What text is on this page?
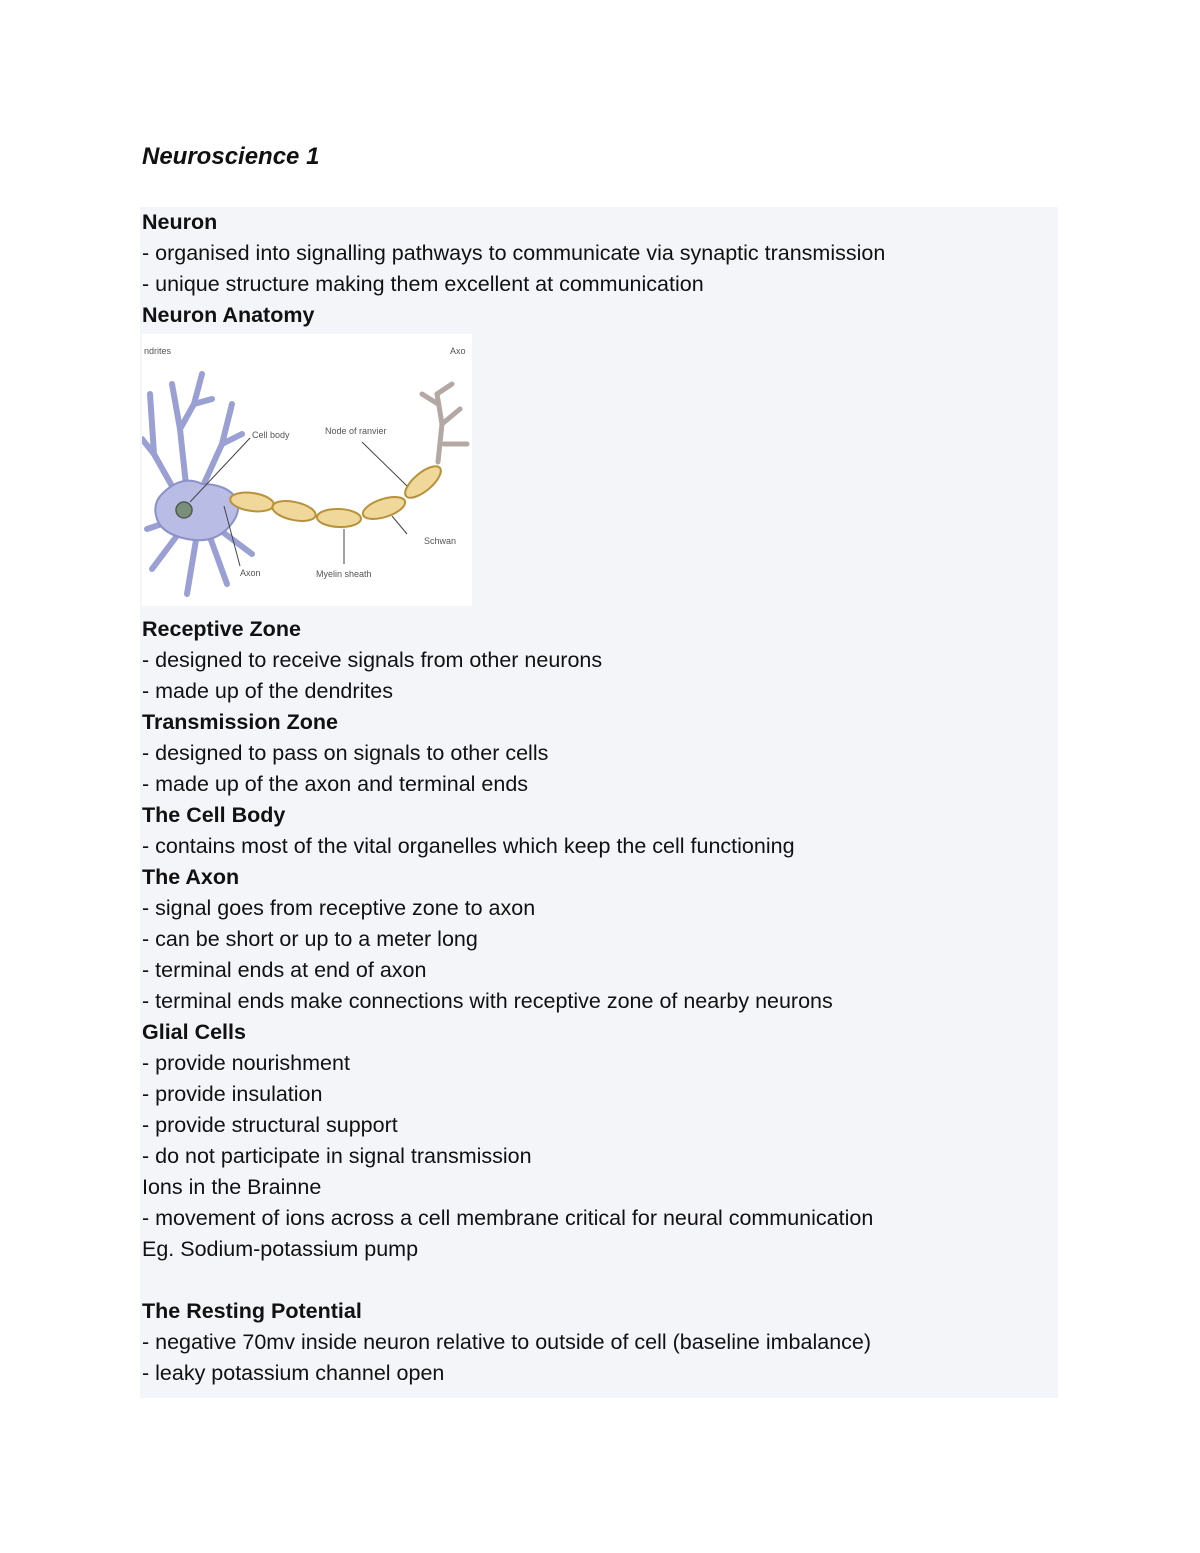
Neuroscience 1
Neuron
- organised into signalling pathways to communicate via synaptic transmission
- unique structure making them excellent at communication
Neuron Anatomy
ndrites	Axo
Cell body	Node of ranvier
Schwan
Axon	Myelin sheath
Receptive Zone
- designed to receive signals from other neurons
- made up of the dendrites
Transmission Zone
- designed to pass on signals to other cells
- made up of the axon and terminal ends
The Cell Body
- contains most of the vital organelles which keep the cell functioning
The Axon
- signal goes from receptive zone to axon
- can be short or up to a meter long
- terminal ends at end of axon
- terminal ends make connections with receptive zone of nearby neurons
Glial Cells
- provide nourishment
- provide insulation
- provide structural support
- do not participate in signal transmission
Ions in the Brainne
- movement of ions across a cell membrane critical for neural communication
Eg. Sodium-potassium pump
The Resting Potential
- negative 70mv inside neuron relative to outside of cell (baseline imbalance)
- leaky potassium channel open
